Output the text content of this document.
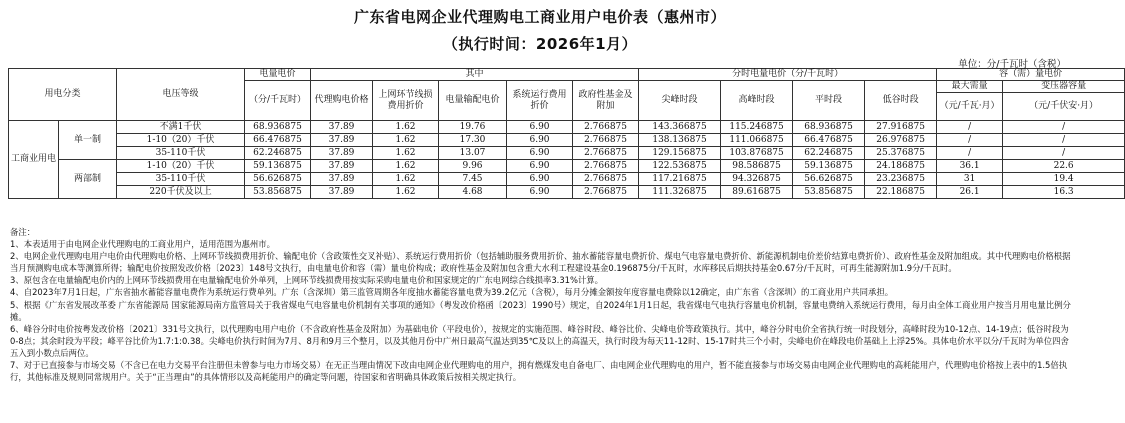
广东省电网企业代理购电工商业用户电价表（惠州市）
（执行时间：2026年1月）
单位：分/千瓦时（含税）
用电分类		电压等级	电量电价	其中					分时电量电价（分/千瓦时）				容（需）量电价	
			（分/千瓦时）	代理购电价格	上网环节线损费用折价	电量输配电价	系统运行费用折价	政府性基金及附加	尖峰时段	高峰时段	平时段	低谷时段	最大需量	变压器容量
													（元/千瓦·月）	（元/千伏安·月）
工商业用电	单一制	不满1千伏	68.936875	37.89	1.62	19.76	6.90	2.766875	143.366875	115.246875	68.936875	27.916875	/	/
		1-10（20）千伏	66.476875	37.89	1.62	17.30	6.90	2.766875	138.136875	111.066875	66.476875	26.976875	/	/
		35-110千伏	62.246875	37.89	1.62	13.07	6.90	2.766875	129.156875	103.876875	62.246875	25.376875	/	/
	两部制	1-10（20）千伏	59.136875	37.89	1.62	9.96	6.90	2.766875	122.536875	98.586875	59.136875	24.186875	36.1	22.6
		35-110千伏	56.626875	37.89	1.62	7.45	6.90	2.766875	117.216875	94.326875	56.626875	23.236875	31	19.4
		220千伏及以上	53.856875	37.89	1.62	4.68	6.90	2.766875	111.326875	89.616875	53.856875	22.186875	26.1	16.3

备注：

1、本表适用于由电网企业代理购电的工商业用户，适用范围为惠州市。

2、电网企业代理购电用户电价由代理购电价格、上网环节线损费用折价、输配电价（含政策性交叉补贴）、系统运行费用折价（包括辅助服务费用折价、抽水蓄能容量电费折价、煤电气电容量电费折价、新能源机制电价差价结算电费折价）、政府性基金及附加组成。其中代理购电价格根据当月预测购电成本等测算所得；输配电价按照发改价格〔2023〕148号文执行，由电量电价和容（需）量电价构成；政府性基金及附加包含重大水利工程建设基金0.196875分/千瓦时，水库移民后期扶持基金0.67分/千瓦时，可再生能源附加1.9分/千瓦时。

3、原包含在电量输配电价内的上网环节线损费用在电量输配电价外单列，上网环节线损费用按实际采购电量电价和国家规定的广东电网综合线损率3.31%计算。

4、自2023年7月1日起，广东省抽水蓄能容量电费作为系统运行费单列。广东（含深圳）第三监管周期各年度抽水蓄能容量电费为39.2亿元（含税），每月分摊金额按年度容量电费除以12确定，由广东省（含深圳）的工商业用户共同承担。

5、根据《广东省发展改革委 广东省能源局 国家能源局南方监管局关于我省煤电气电容量电价机制有关事项的通知》（粤发改价格函〔2023〕1990号）规定，自2024年1月1日起，我省煤电气电执行容量电价机制，容量电费纳入系统运行费用，每月由全体工商业用户按当月用电量比例分摊。

6、峰谷分时电价按粤发改价格〔2021〕331号文执行，以代理购电用户电价（不含政府性基金及附加）为基础电价（平段电价），按规定的实施范围、峰谷时段、峰谷比价、尖峰电价等政策执行。其中，峰谷分时电价全省执行统一时段划分，高峰时段为10-12点、14-19点；低谷时段为0-8点；其余时段为平段；峰平谷比价为1.7:1:0.38。尖峰电价执行时间为7月、8月和9月三个整月，以及其他月份中广州日最高气温达到35℃及以上的高温天，执行时段为每天11-12时、15-17时共三个小时，尖峰电价在峰段电价基础上上浮25%。具体电价水平以分/千瓦时为单位四舍五入到小数点后两位。

7、对于已直接参与市场交易（不含已在电力交易平台注册但未曾参与电力市场交易）在无正当理由情况下改由电网企业代理购电的用户，拥有燃煤发电自备电厂、由电网企业代理购电的用户，暂不能直接参与市场交易由电网企业代理购电的高耗能用户，代理购电价格按上表中的1.5倍执行，其他标准及规则同常规用户。关于“正当理由”的具体情形以及高耗能用户的确定等问题，待国家和省明确具体政策后按相关规定执行。
